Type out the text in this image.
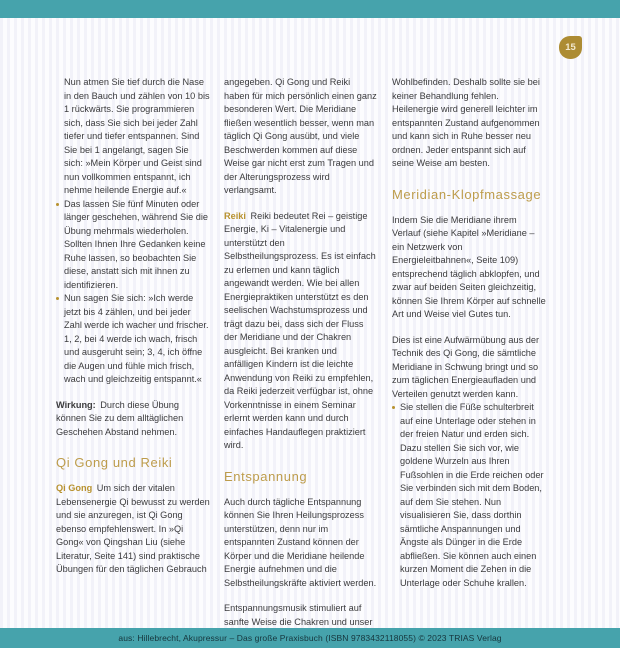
15
Nun atmen Sie tief durch die Nase in den Bauch und zählen von 10 bis 1 rückwärts. Sie programmieren sich, dass Sie sich bei jeder Zahl tiefer und tiefer entspannen. Sind Sie bei 1 angelangt, sagen Sie sich: »Mein Körper und Geist sind nun vollkommen entspannt, ich nehme heilende Energie auf.«
Das lassen Sie fünf Minuten oder länger geschehen, während Sie die Übung mehrmals wiederholen. Sollten Ihnen Ihre Gedanken keine Ruhe lassen, so beobachten Sie diese, anstatt sich mit ihnen zu identifizieren.
Nun sagen Sie sich: »Ich werde jetzt bis 4 zählen, und bei jeder Zahl werde ich wacher und frischer. 1, 2, bei 4 werde ich wach, frisch und ausgeruht sein; 3, 4, ich öffne die Augen und fühle mich frisch, wach und gleichzeitig entspannt.«
Wirkung: Durch diese Übung können Sie zu dem alltäglichen Geschehen Abstand nehmen.
Qi Gong und Reiki
Qi Gong Um sich der vitalen Lebensenergie Qi bewusst zu werden und sie anzuregen, ist Qi Gong ebenso empfehlenswert. In »Qi Gong« von Qingshan Liu (siehe Literatur, Seite 141) sind praktische Übungen für den täglichen Gebrauch
angegeben. Qi Gong und Reiki haben für mich persönlich einen ganz besonderen Wert. Die Meridiane fließen wesentlich besser, wenn man täglich Qi Gong ausübt, und viele Beschwerden kommen auf diese Weise gar nicht erst zum Tragen und der Alterungsprozess wird verlangsamt.
Reiki Reiki bedeutet Rei – geistige Energie, Ki – Vitalenergie und unterstützt den Selbstheilungsprozess. Es ist einfach zu erlernen und kann täglich angewandt werden. Wie bei allen Energiepraktiken unterstützt es den seelischen Wachstumsprozess und trägt dazu bei, dass sich der Fluss der Meridiane und der Chakren ausgleicht. Bei kranken und anfälligen Kindern ist die leichte Anwendung von Reiki zu empfehlen, da Reiki jederzeit verfügbar ist, ohne Vorkenntnisse in einem Seminar erlernt werden kann und durch einfaches Handauflegen praktiziert wird.
Entspannung
Auch durch tägliche Entspannung können Sie Ihren Heilungsprozess unterstützen, denn nur im entspannten Zustand können der Körper und die Meridiane heilende Energie aufnehmen und die Selbstheilungskräfte aktiviert werden.
Entspannungsmusik stimuliert auf sanfte Weise die Chakren und unser
Wohlbefinden. Deshalb sollte sie bei keiner Behandlung fehlen. Heilenergie wird generell leichter im entspannten Zustand aufgenommen und kann sich in Ruhe besser neu ordnen. Jeder entspannt sich auf seine Weise am besten.
Meridian-Klopfmassage
Indem Sie die Meridiane ihrem Verlauf (siehe Kapitel »Meridiane – ein Netzwerk von Energieleitbahnen«, Seite 109) entsprechend täglich abklopfen, und zwar auf beiden Seiten gleichzeitig, können Sie Ihrem Körper auf schnelle Art und Weise viel Gutes tun.
Dies ist eine Aufwärmübung aus der Technik des Qi Gong, die sämtliche Meridiane in Schwung bringt und so zum täglichen Energieaufladen und Verteilen genutzt werden kann.
Sie stellen die Füße schulterbreit auf eine Unterlage oder stehen in der freien Natur und erden sich. Dazu stellen Sie sich vor, wie goldene Wurzeln aus Ihren Fußsohlen in die Erde reichen oder Sie verbinden sich mit dem Boden, auf dem Sie stehen. Nun visualisieren Sie, dass dorthin sämtliche Anspannungen und Ängste als Dünger in die Erde abfließen. Sie können auch einen kurzen Moment die Zehen in die Unterlage oder Schuhe krallen.
aus: Hillebrecht, Akupressur – Das große Praxisbuch (ISBN 9783432118055) © 2023 TRIAS Verlag
